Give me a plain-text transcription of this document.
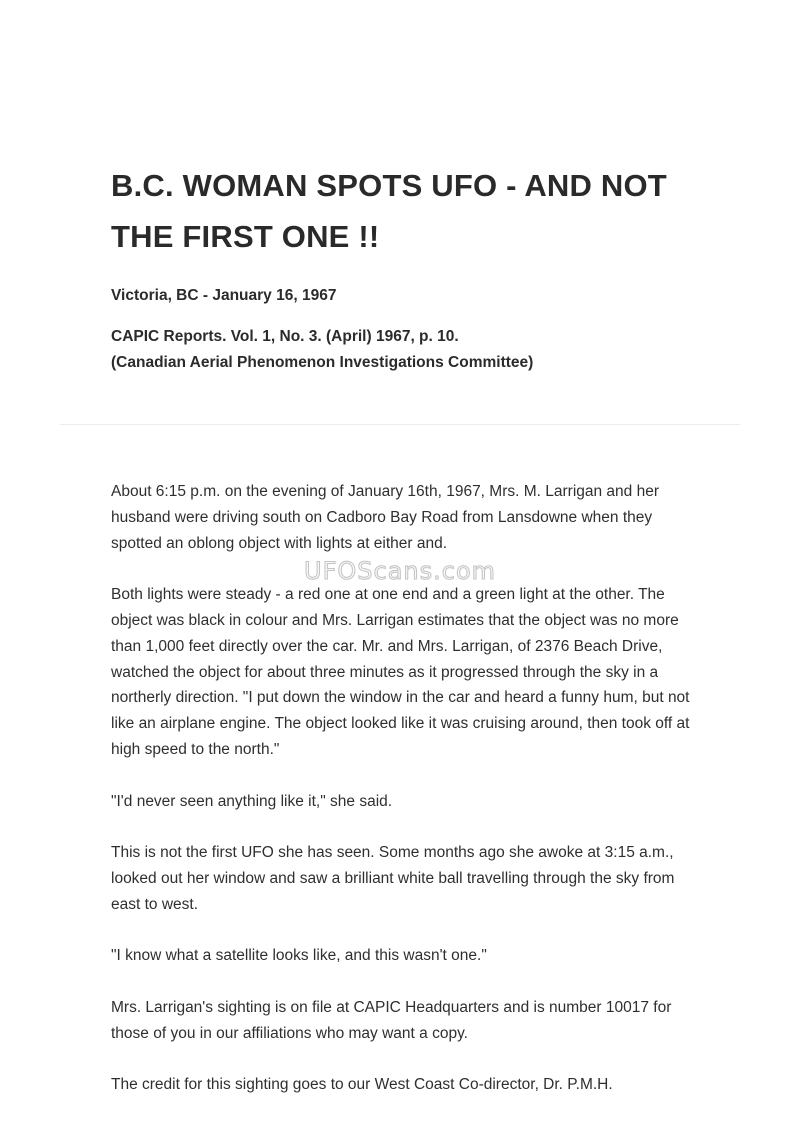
B.C. WOMAN SPOTS UFO - AND NOT
THE FIRST ONE !!

Victoria, BC - January 16, 1967

CAPIC Reports. Vol. 1, No. 3. (April) 1967, p. 10.
(Canadian Aerial Phenomenon Investigations Committee)

About 6:15 p.m. on the evening of January 16th, 1967, Mrs. M. Larrigan and her husband were driving south on Cadboro Bay Road from Lansdowne when they spotted an oblong object with lights at either and.

Both lights were steady - a red one at one end and a green light at the other. The object was black in colour and Mrs. Larrigan estimates that the object was no more than 1,000 feet directly over the car. Mr. and Mrs. Larrigan, of 2376 Beach Drive, watched the object for about three minutes as it progressed through the sky in a northerly direction. "I put down the window in the car and heard a funny hum, but not like an airplane engine. The object looked like it was cruising around, then took off at high speed to the north."

"I'd never seen anything like it," she said.

This is not the first UFO she has seen. Some months ago she awoke at 3:15 a.m., looked out her window and saw a brilliant white ball travelling through the sky from east to west.

"I know what a satellite looks like, and this wasn't one."

Mrs. Larrigan's sighting is on file at CAPIC Headquarters and is number 10017 for those of you in our affiliations who may want a copy.

The credit for this sighting goes to our West Coast Co-director, Dr. P.M.H.

UFOScans.com
